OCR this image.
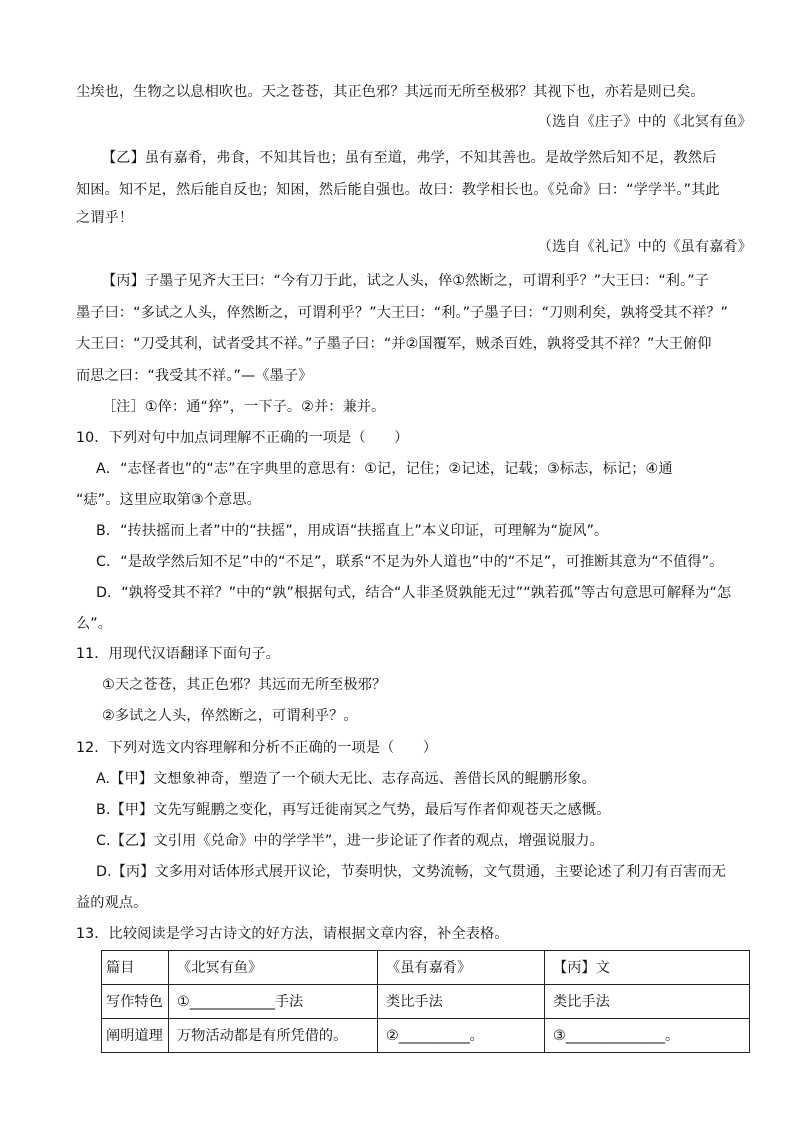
尘埃也，生物之以息相吹也。天之苍苍，其正色邪？其远而无所至极邪？其视下也，亦若是则已矣。
（选自《庄子》中的《北冥有鱼》
【乙】虽有嘉肴，弗食，不知其旨也；虽有至道，弗学，不知其善也。是故学然后知不足，教然后
知困。知不足，然后能自反也；知困，然后能自强也。故曰：教学相长也。《兑命》曰：“学学半。”其此
之谓乎！
（选自《礼记》中的《虽有嘉肴》
【丙】子墨子见齐大王曰：“今有刀于此，试之人头，倅①然断之，可谓利乎？”大王曰：“利。”子
墨子曰：“多试之人头，倅然断之，可谓利乎？”大王曰：“利。”子墨子曰：“刀则利矣，孰将受其不祥？”
大王曰：“刀受其利，试者受其不祥。”子墨子曰：“并②国覆军，贼杀百姓，孰将受其不祥？”大王俯仰
而思之曰：“我受其不祥。”—《墨子》
［注］①倅：通“猝”，一下子。②并：兼并。
10．下列对句中加点词理解不正确的一项是（　　）
A．“志怪者也”的“志”在字典里的意思有：①记，记住；②记述，记载；③标志，标记；④通
“痣”。这里应取第③个意思。
B．“抟扶摇而上者”中的“扶摇”，用成语“扶摇直上”本义印证，可理解为“旋风”。
C．“是故学然后知不足”中的“不足”，联系“不足为外人道也”中的“不足”，可推断其意为“不值得”。
D．“孰将受其不祥？”中的“孰”根据句式，结合“人非圣贤孰能无过”“孰若孤”等古句意思可解释为“怎
么”。
11．用现代汉语翻译下面句子。
①天之苍苍，其正色邪？其远而无所至极邪？
②多试之人头，倅然断之，可谓利乎？。
12．下列对选文内容理解和分析不正确的一项是（　　）
A.【甲】文想象神奇，塑造了一个硕大无比、志存高远、善借长风的鲲鹏形象。
B.【甲】文先写鲲鹏之变化，再写迁徙南冥之气势，最后写作者仰观苍天之感慨。
C.【乙】文引用《兑命》中的学学半”，进一步论证了作者的观点，增强说服力。
D.【丙】文多用对话体形式展开议论，节奏明快，文势流畅，文气贯通，主要论述了利刀有百害而无
益的观点。
13．比较阅读是学习古诗文的好方法，请根据文章内容，补全表格。
篇目	《北冥有鱼》	《虽有嘉肴》	【丙】文
写作特色	①____________手法	类比手法	类比手法
阐明道理	万物活动都是有所凭借的。	②__________。	③______________。
